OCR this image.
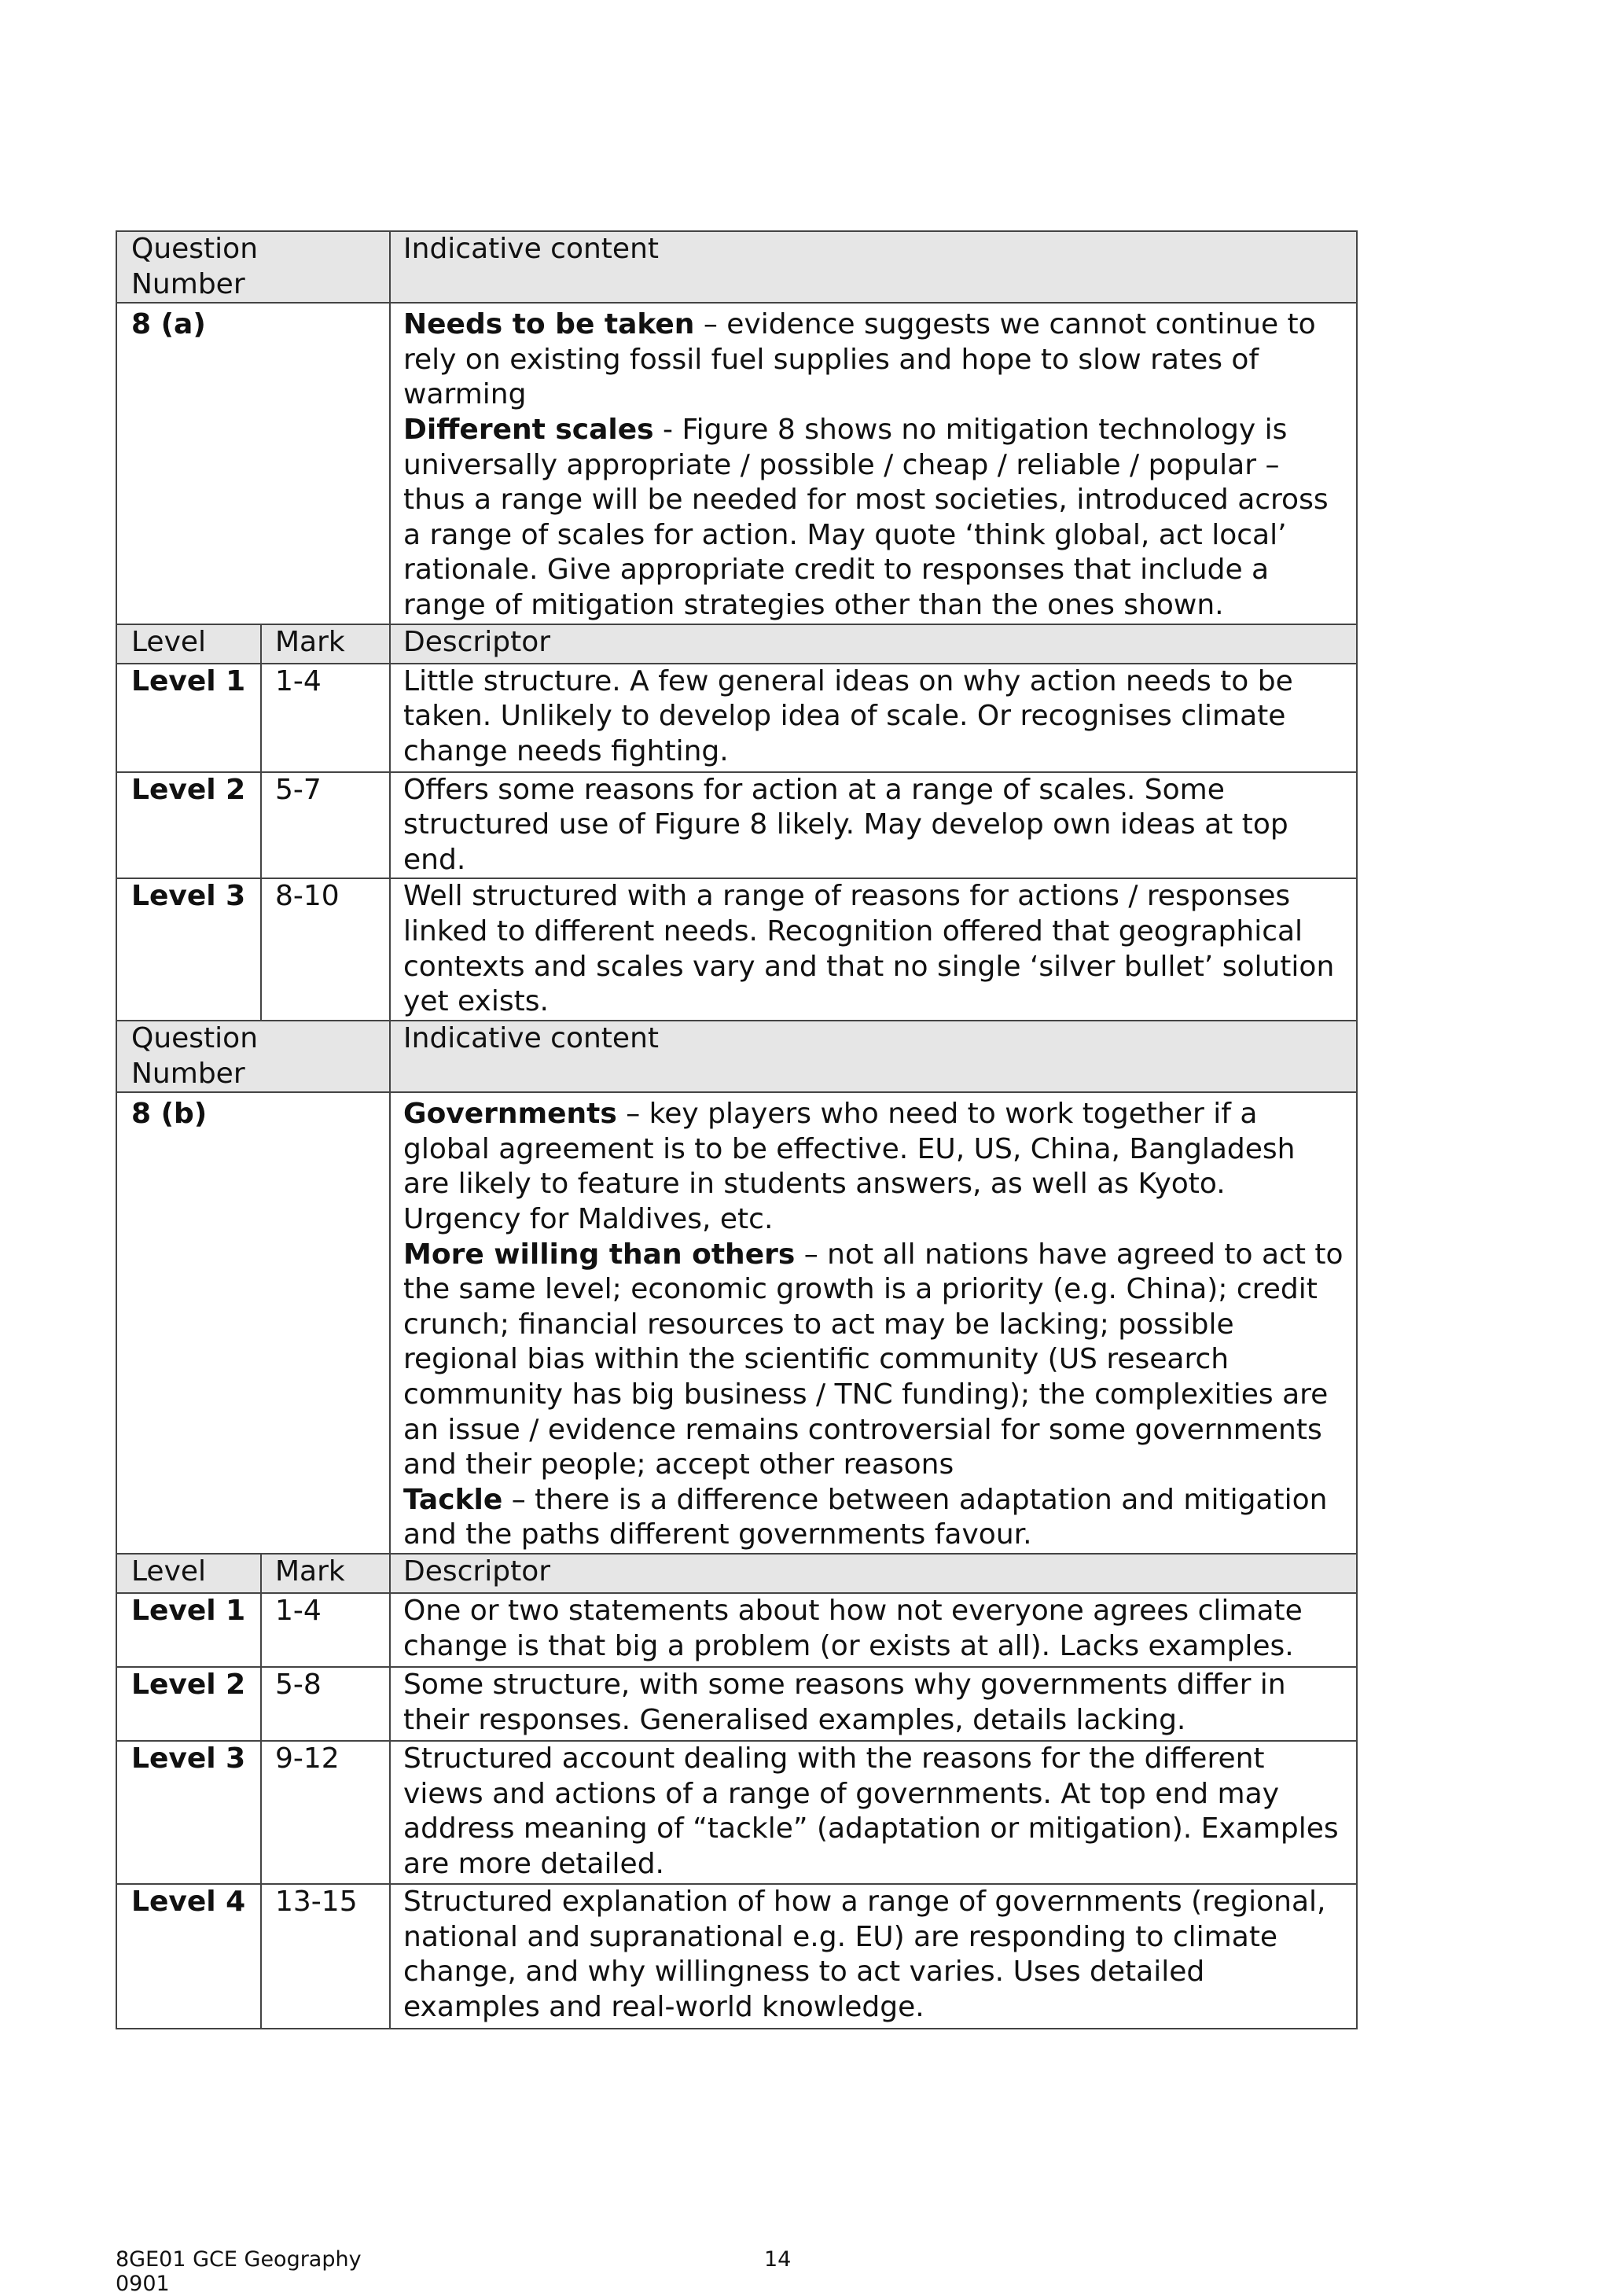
Question Number		Indicative content
8 (a)		Needs to be taken – evidence suggests we cannot continue to rely on existing fossil fuel supplies and hope to slow rates of warming

Different scales - Figure 8 shows no mitigation technology is universally appropriate / possible / cheap / reliable / popular – thus a range will be needed for most societies, introduced across a range of scales for action. May quote ‘think global, act local’ rationale. Give appropriate credit to responses that include a range of mitigation strategies other than the ones shown.

Level	Mark	Descriptor
Level 1	1-4	Little structure. A few general ideas on why action needs to be taken. Unlikely to develop idea of scale. Or recognises climate change needs fighting.
Level 2	5-7	Offers some reasons for action at a range of scales. Some structured use of Figure 8 likely. May develop own ideas at top end.
Level 3	8-10	Well structured with a range of reasons for actions / responses linked to different needs. Recognition offered that geographical contexts and scales vary and that no single ‘silver bullet’ solution yet exists.
Question Number		Indicative content
8 (b)		Governments – key players who need to work together if a global agreement is to be effective. EU, US, China, Bangladesh are likely to feature in students answers, as well as Kyoto. Urgency for Maldives, etc.

More willing than others – not all nations have agreed to act to the same level; economic growth is a priority (e.g. China); credit crunch; financial resources to act may be lacking; possible regional bias within the scientific community (US research community has big business / TNC funding); the complexities are an issue / evidence remains controversial for some governments and their people; accept other reasons

Tackle – there is a difference between adaptation and mitigation and the paths different governments favour.

Level	Mark	Descriptor
Level 1	1-4	One or two statements about how not everyone agrees climate change is that big a problem (or exists at all). Lacks examples.
Level 2	5-8	Some structure, with some reasons why governments differ in their responses. Generalised examples, details lacking.
Level 3	9-12	Structured account dealing with the reasons for the different views and actions of a range of governments. At top end may address meaning of “tackle” (adaptation or mitigation). Examples are more detailed.
Level 4	13-15	Structured explanation of how a range of governments (regional, national and supranational e.g. EU) are responding to climate change, and why willingness to act varies. Uses detailed examples and real-world knowledge.
8GE01 GCE Geography
0901
14
